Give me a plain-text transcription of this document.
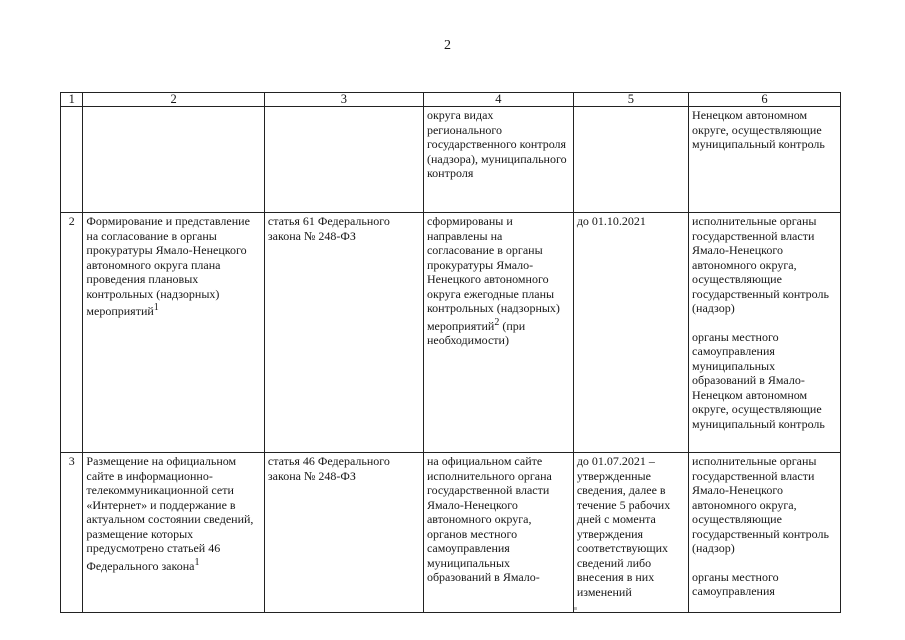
2
1	2	3	4	5	6
			округа видах регионального государственного контроля (надзора), муниципального контроля		Ненецком автономном округе, осуществляющие муниципальный контроль
2	Формирование и представление на согласование в органы прокуратуры Ямало-Ненецкого автономного округа плана проведения плановых контрольных (надзорных) мероприятий$^1$	статья 61 Федерального закона № 248-ФЗ	сформированы и направлены на согласование в органы прокуратуры Ямало-Ненецкого автономного округа ежегодные планы контрольных (надзорных) мероприятий$^2$ (при необходимости)	до 01.10.2021	исполнительные органы государственной власти Ямало-Ненецкого автономного округа, осуществляющие государственный контроль (надзор)
органы местного самоуправления муниципальных образований в Ямало-Ненецком автономном округе, осуществляющие муниципальный контроль
3	Размещение на официальном сайте в информационно-телекоммуникационной сети «Интернет» и поддержание в актуальном состоянии сведений, размещение которых предусмотрено статьей 46 Федерального закона$^1$	статья 46 Федерального закона № 248-ФЗ	на официальном сайте исполнительного органа государственной власти Ямало-Ненецкого автономного округа, органов местного самоуправления муниципальных образований в Ямало-	до 01.07.2021 – утвержденные сведения, далее в течение 5 рабочих дней с момента утверждения соответствующих сведений либо внесения в них изменений	исполнительные органы государственной власти Ямало-Ненецкого автономного округа, осуществляющие государственный контроль (надзор)
органы местного самоуправления
